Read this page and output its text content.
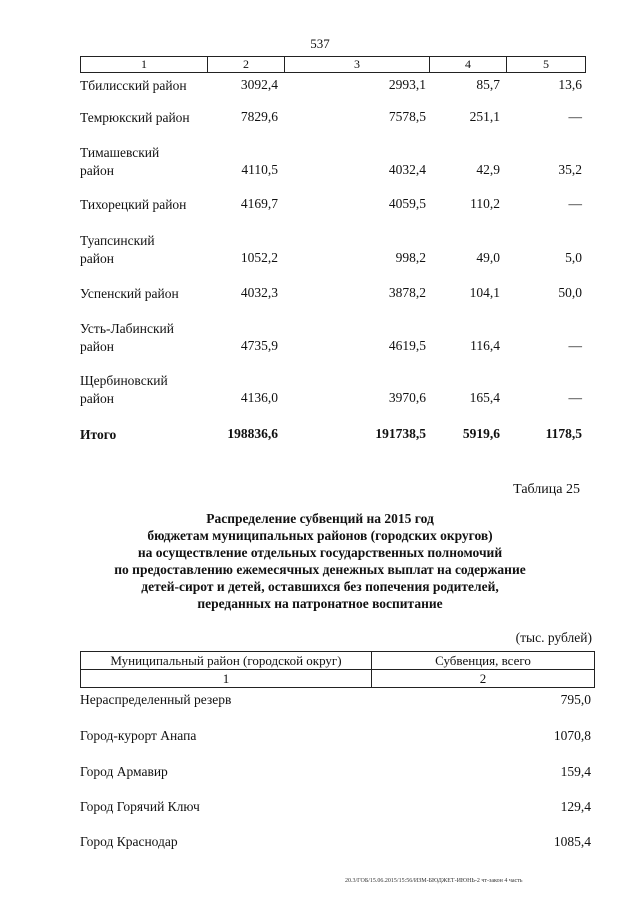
537
1	2	3	4	5
Тбилисский район	3092,4	2993,1	85,7	13,6
Темрюкский район	7829,6	7578,5	251,1	—
Тимашевский
район	4110,5	4032,4	42,9	35,2
Тихорецкий район	4169,7	4059,5	110,2	—
Туапсинский
район	1052,2	998,2	49,0	5,0
Успенский район	4032,3	3878,2	104,1	50,0
Усть-Лабинский
район	4735,9	4619,5	116,4	—
Щербиновский
район	4136,0	3970,6	165,4	—
Итого	198836,6	191738,5	5919,6	1178,5
Таблица 25
Распределение субвенций на 2015 год
бюджетам муниципальных районов (городских округов)
на осуществление отдельных государственных полномочий
по предоставлению ежемесячных денежных выплат на содержание
детей-сирот и детей, оставшихся без попечения родителей,
переданных на патронатное воспитание
(тыс. рублей)
Муниципальный район (городской округ)	Субвенция, всего
1	2
Нераспределенный резерв	795,0
Город-курорт Анапа	1070,8
Город Армавир	159,4
Город Горячий Ключ	129,4
Город Краснодар	1085,4
20.3/ГОБ/15.06.2015/15:56/ИЗМ-БЮДЖЕТ-ИЮНЬ-2 чт-закон 4 часть
